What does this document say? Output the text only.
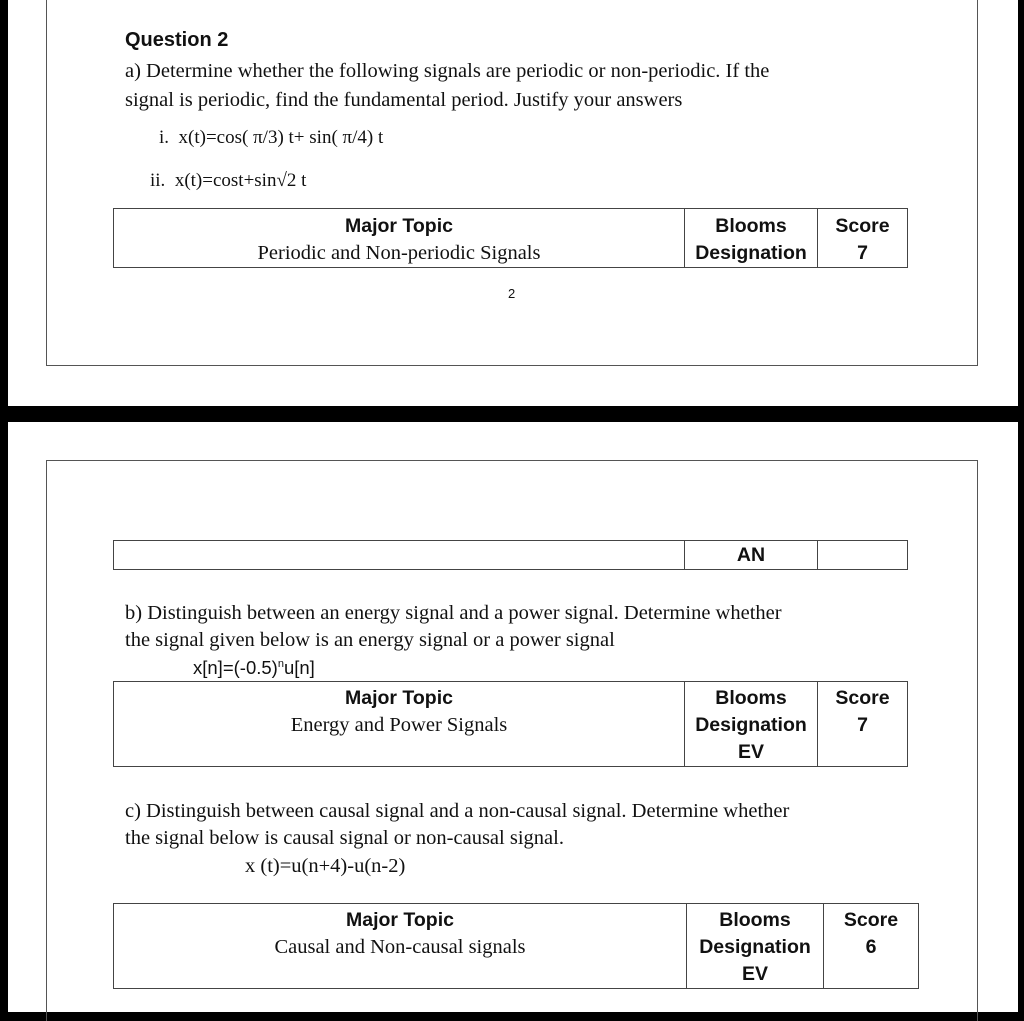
Question 2
a) Determine whether the following signals are periodic or non-periodic. If the
signal is periodic, find the fundamental period. Justify your answers
i. x(t)=cos( π/3) t+ sin( π/4) t
ii. x(t)=cost+sin√2 t
Major Topic
Periodic and Non-periodic Signals

Blooms
Designation

Score
7
2

AN

b) Distinguish between an energy signal and a power signal. Determine whether
the signal given below is an energy signal or a power signal
$x[n]=(-0.5)^nu[n]$
Major Topic
Energy and Power Signals

Blooms
Designation
EV

Score
7
c) Distinguish between causal signal and a non-causal signal. Determine whether
the signal below is causal signal or non-causal signal.
x (t)=u(n+4)-u(n-2)
Major Topic
Causal and Non-causal signals

Blooms
Designation
EV

Score
6
